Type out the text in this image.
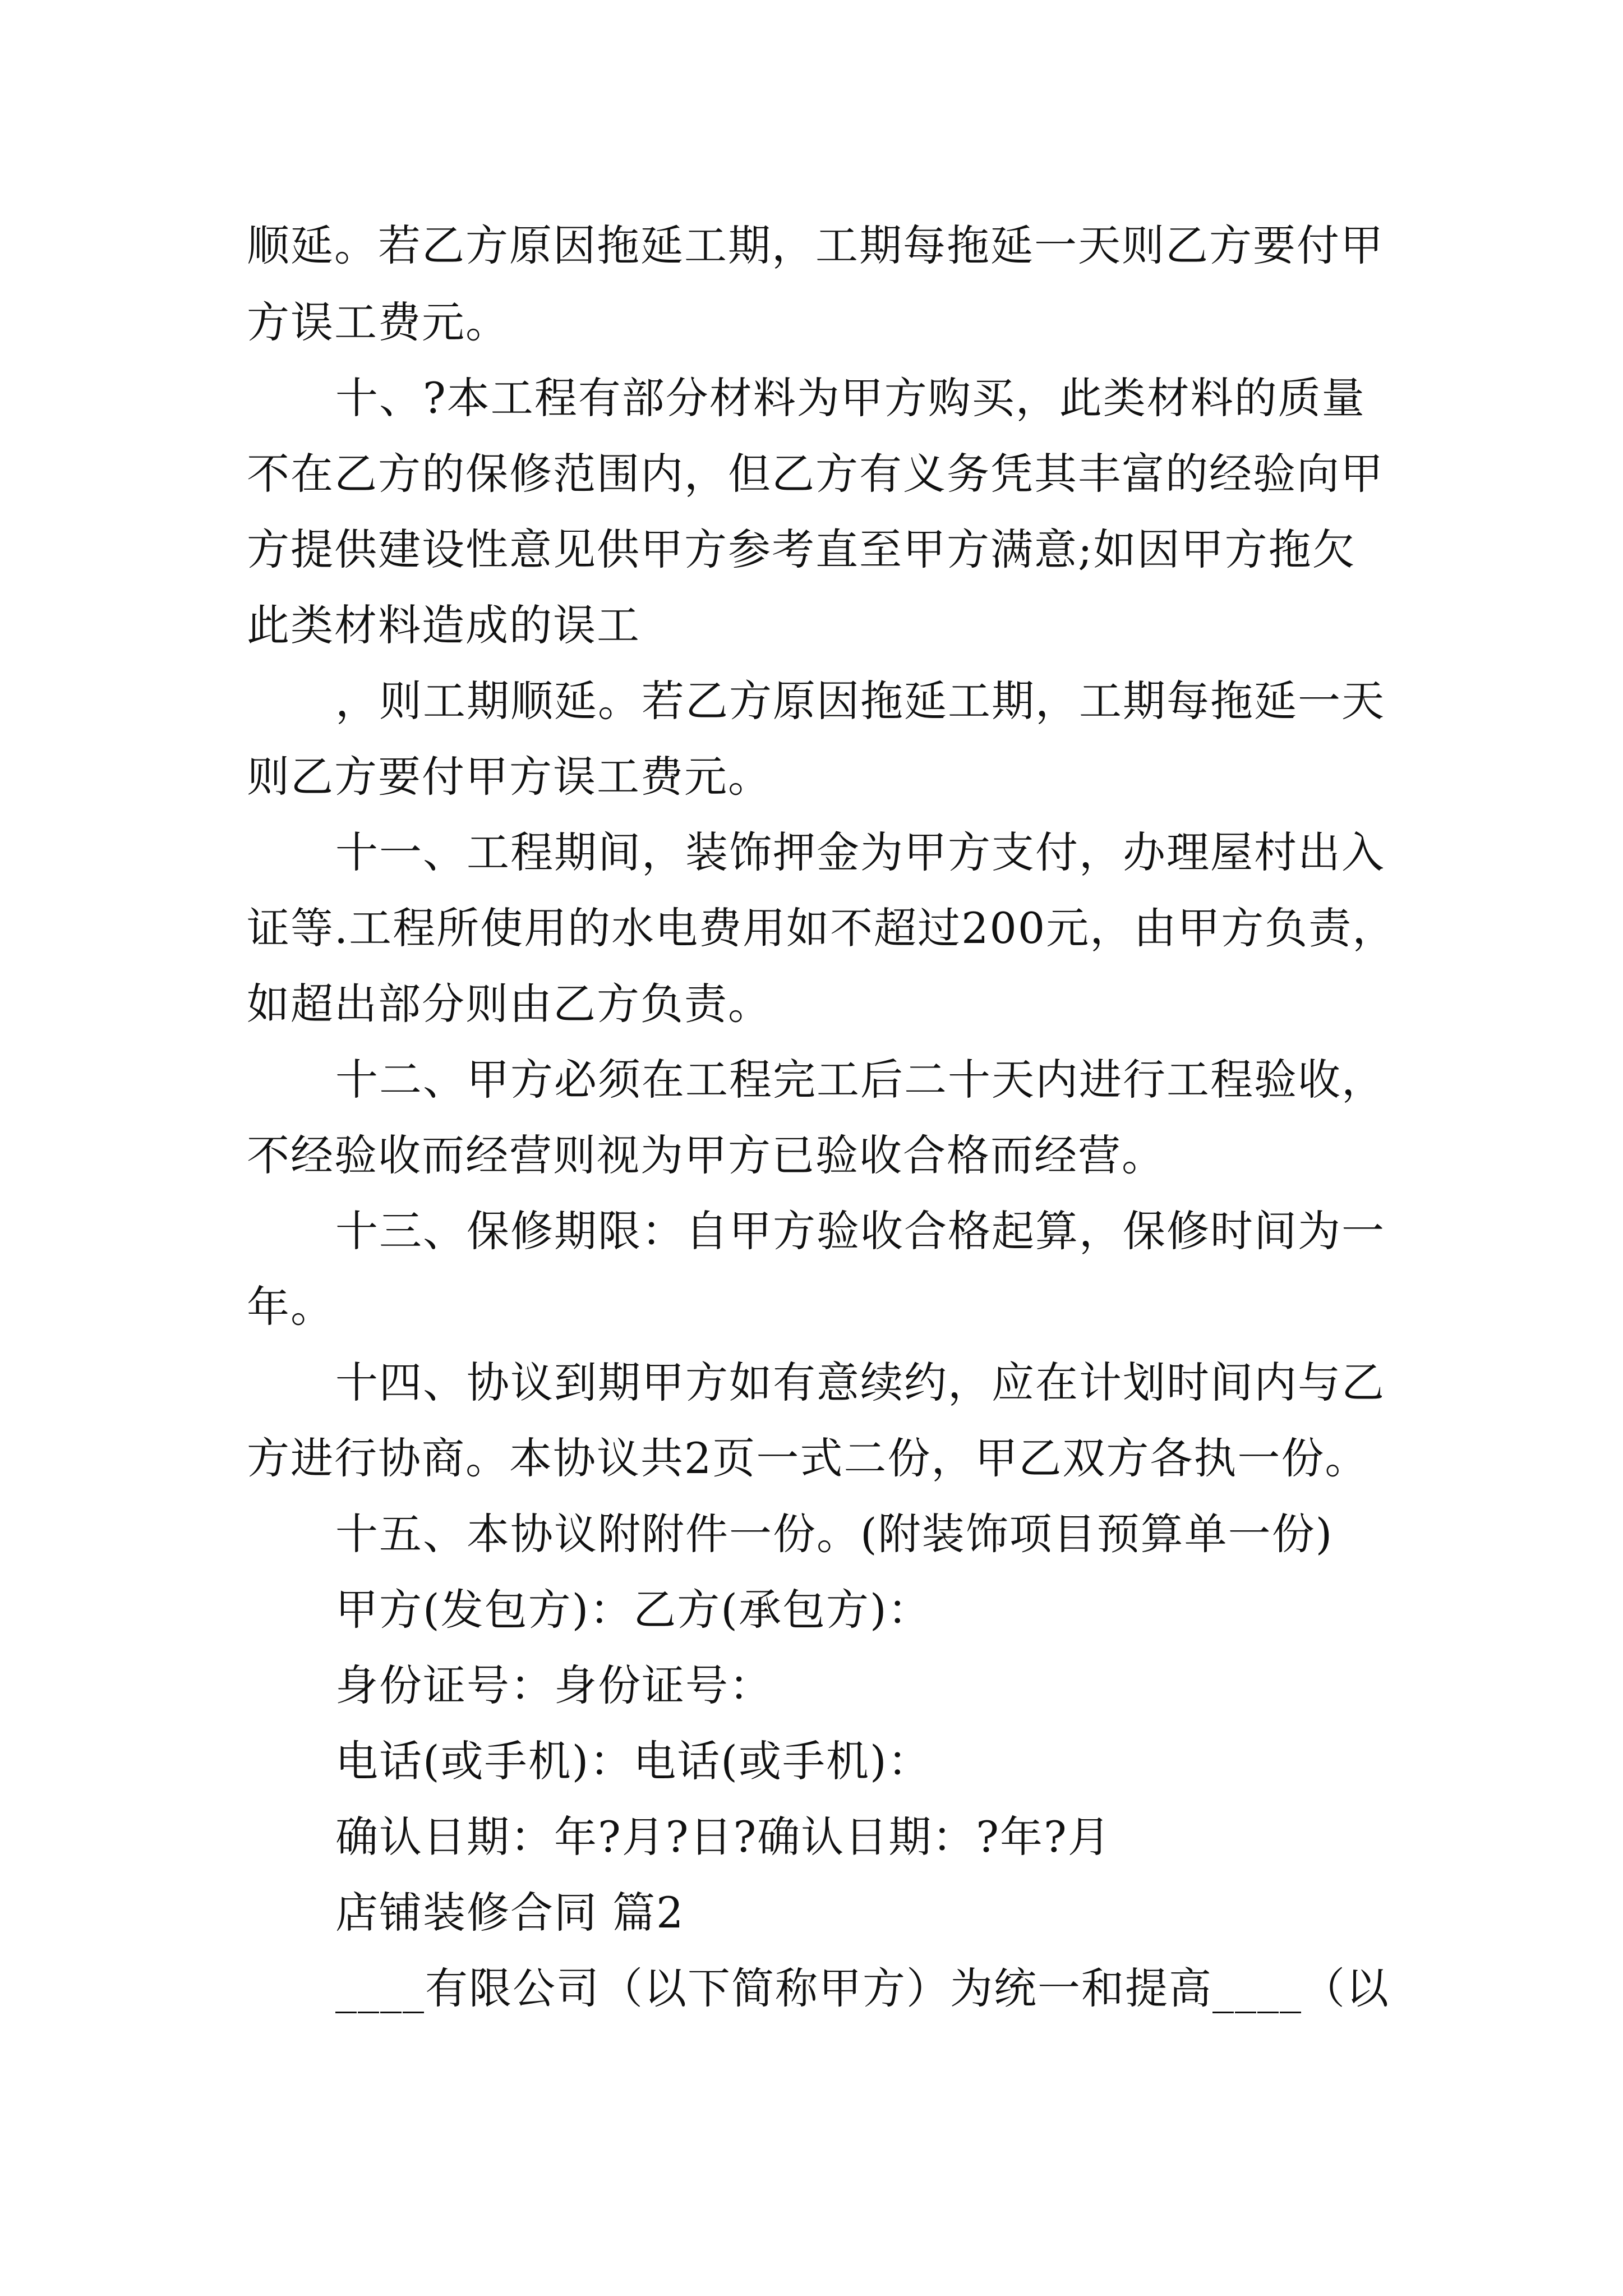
顺延。若乙方原因拖延工期，工期每拖延一天则乙方要付甲
方误工费元。
十、?本工程有部分材料为甲方购买，此类材料的质量
不在乙方的保修范围内，但乙方有义务凭其丰富的经验向甲
方提供建设性意见供甲方参考直至甲方满意;如因甲方拖欠
此类材料造成的误工
，则工期顺延。若乙方原因拖延工期，工期每拖延一天
则乙方要付甲方误工费元。
十一、工程期间，装饰押金为甲方支付，办理屋村出入
证等.工程所使用的水电费用如不超过200元，由甲方负责，
如超出部分则由乙方负责。
十二、甲方必须在工程完工后二十天内进行工程验收，
不经验收而经营则视为甲方已验收合格而经营。
十三、保修期限：自甲方验收合格起算，保修时间为一
年。
十四、协议到期甲方如有意续约，应在计划时间内与乙
方进行协商。本协议共2页一式二份，甲乙双方各执一份。
十五、本协议附附件一份。(附装饰项目预算单一份)
甲方(发包方)：乙方(承包方)：
身份证号：身份证号：
电话(或手机)：电话(或手机)：
确认日期：年?月?日?确认日期：?年?月
店铺装修合同 篇2
____有限公司（以下简称甲方）为统一和提高____（以
